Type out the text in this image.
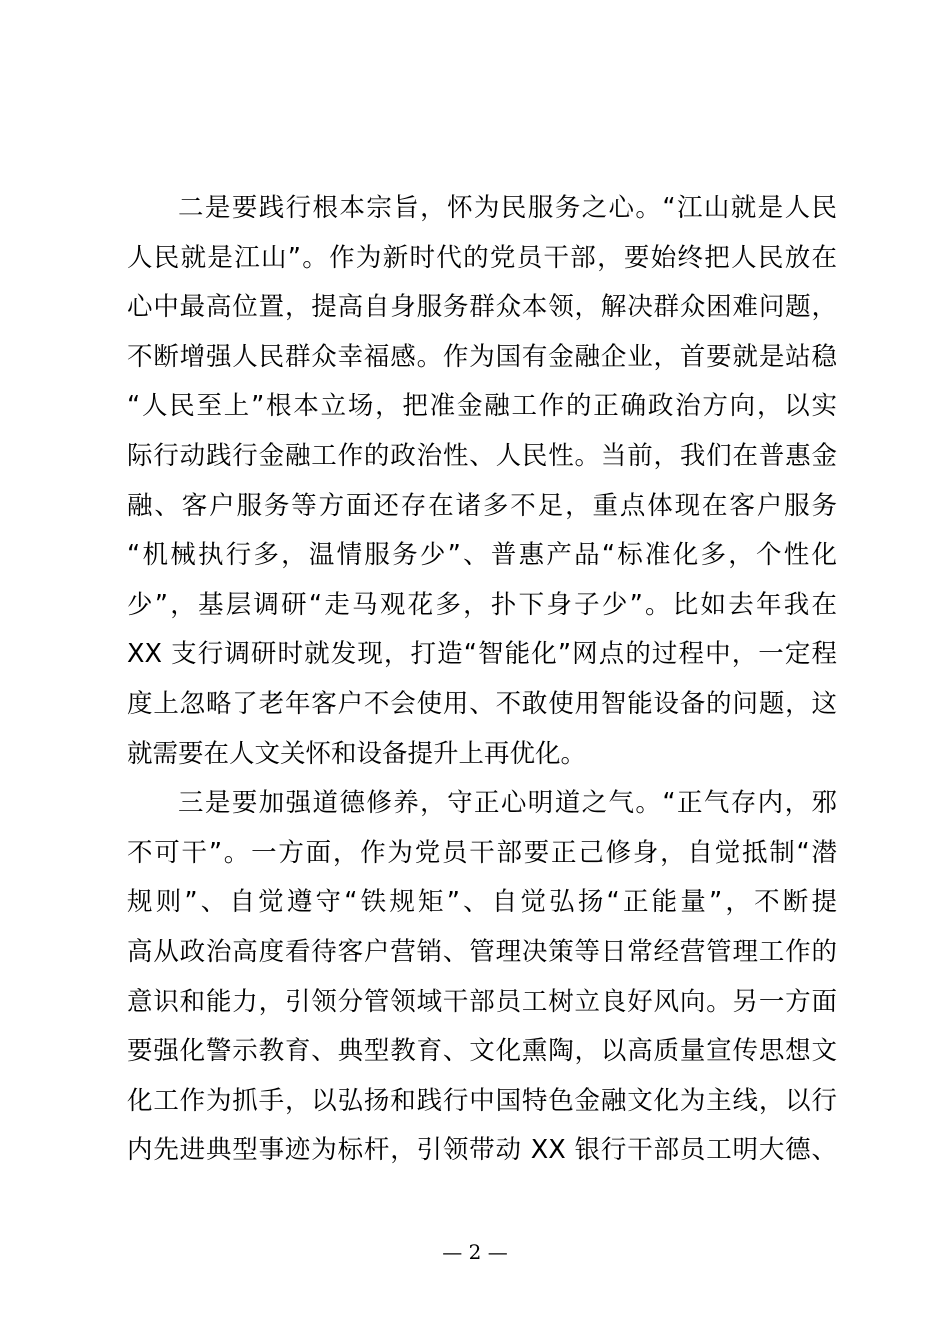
二是要践行根本宗旨，怀为民服务之心。“江山就是人民
人民就是江山”。作为新时代的党员干部，要始终把人民放在
心中最高位置，提高自身服务群众本领，解决群众困难问题，
不断增强人民群众幸福感。作为国有金融企业，首要就是站稳
“人民至上”根本立场，把准金融工作的正确政治方向，以实
际行动践行金融工作的政治性、人民性。当前，我们在普惠金
融、客户服务等方面还存在诸多不足，重点体现在客户服务
“机械执行多，温情服务少”、普惠产品“标准化多，个性化
少”，基层调研“走马观花多，扑下身子少”。比如去年我在
XX 支行调研时就发现，打造“智能化”网点的过程中，一定程
度上忽略了老年客户不会使用、不敢使用智能设备的问题，这
就需要在人文关怀和设备提升上再优化。
三是要加强道德修养，守正心明道之气。“正气存内，邪
不可干”。一方面，作为党员干部要正己修身，自觉抵制“潜
规则”、自觉遵守“铁规矩”、自觉弘扬“正能量”，不断提
高从政治高度看待客户营销、管理决策等日常经营管理工作的
意识和能力，引领分管领域干部员工树立良好风向。另一方面
要强化警示教育、典型教育、文化熏陶，以高质量宣传思想文
化工作为抓手，以弘扬和践行中国特色金融文化为主线，以行
内先进典型事迹为标杆，引领带动 XX 银行干部员工明大德、
— 2 —
